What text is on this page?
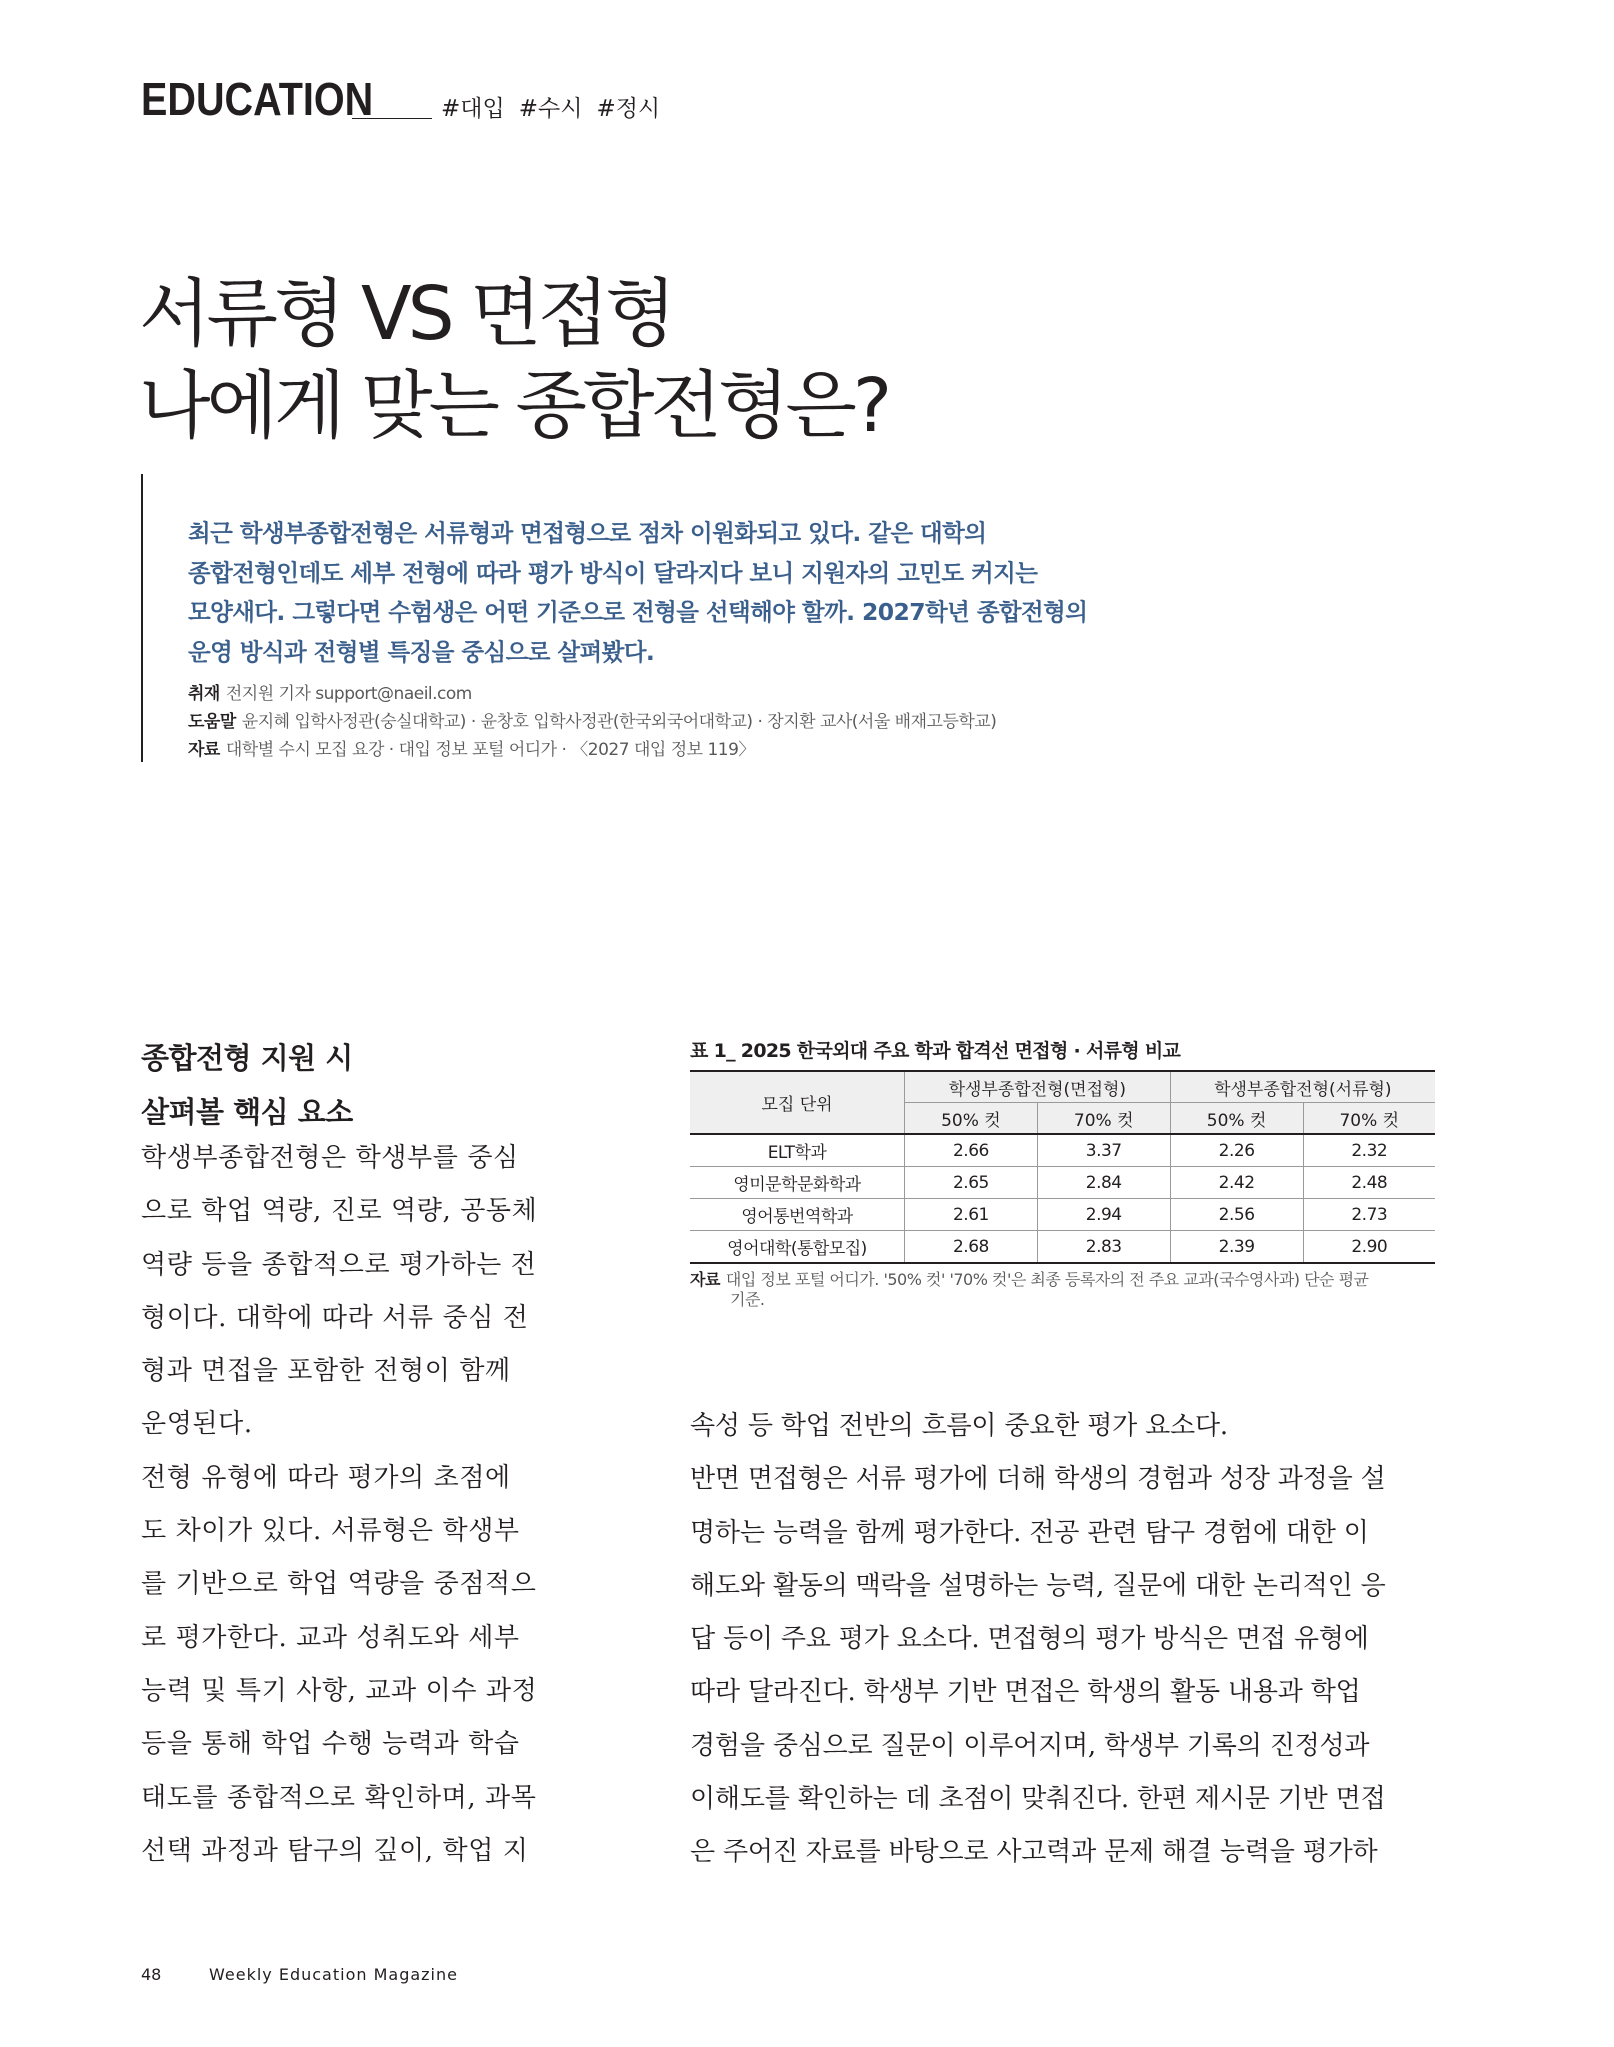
EDUCATION	#대입 #수시 #정시
서류형 VS 면접형
나에게 맞는 종합전형은?
최근 학생부종합전형은 서류형과 면접형으로 점차 이원화되고 있다. 같은 대학의
종합전형인데도 세부 전형에 따라 평가 방식이 달라지다 보니 지원자의 고민도 커지는
모양새다. 그렇다면 수험생은 어떤 기준으로 전형을 선택해야 할까. 2027학년 종합전형의
운영 방식과 전형별 특징을 중심으로 살펴봤다.
취재 전지원 기자 support@naeil.com
도움말 윤지혜 입학사정관(숭실대학교) · 윤창호 입학사정관(한국외국어대학교) · 장지환 교사(서울 배재고등학교)
자료 대학별 수시 모집 요강 · 대입 정보 포털 어디가 · 〈2027 대입 정보 119〉
종합전형 지원 시
살펴볼 핵심 요소
학생부종합전형은 학생부를 중심
으로 학업 역량, 진로 역량, 공동체
역량 등을 종합적으로 평가하는 전
형이다. 대학에 따라 서류 중심 전
형과 면접을 포함한 전형이 함께
운영된다.
전형 유형에 따라 평가의 초점에
도 차이가 있다. 서류형은 학생부
를 기반으로 학업 역량을 중점적으
로 평가한다. 교과 성취도와 세부
능력 및 특기 사항, 교과 이수 과정
등을 통해 학업 수행 능력과 학습
태도를 종합적으로 확인하며, 과목
선택 과정과 탐구의 깊이, 학업 지
표 1_ 2025 한국외대 주요 학과 합격선 면접형 · 서류형 비교
모집 단위	학생부종합전형(면접형)		학생부종합전형(서류형)	
	50% 컷	70% 컷	50% 컷	70% 컷
ELT학과	2.66	3.37	2.26	2.32
영미문학문화학과	2.65	2.84	2.42	2.48
영어통번역학과	2.61	2.94	2.56	2.73
영어대학(통합모집)	2.68	2.83	2.39	2.90
자료 대입 정보 포털 어디가. '50% 컷' '70% 컷'은 최종 등록자의 전 주요 교과(국수영사과) 단순 평균
기준.
속성 등 학업 전반의 흐름이 중요한 평가 요소다.
반면 면접형은 서류 평가에 더해 학생의 경험과 성장 과정을 설
명하는 능력을 함께 평가한다. 전공 관련 탐구 경험에 대한 이
해도와 활동의 맥락을 설명하는 능력, 질문에 대한 논리적인 응
답 등이 주요 평가 요소다. 면접형의 평가 방식은 면접 유형에
따라 달라진다. 학생부 기반 면접은 학생의 활동 내용과 학업
경험을 중심으로 질문이 이루어지며, 학생부 기록의 진정성과
이해도를 확인하는 데 초점이 맞춰진다. 한편 제시문 기반 면접
은 주어진 자료를 바탕으로 사고력과 문제 해결 능력을 평가하
48	Weekly Education Magazine
